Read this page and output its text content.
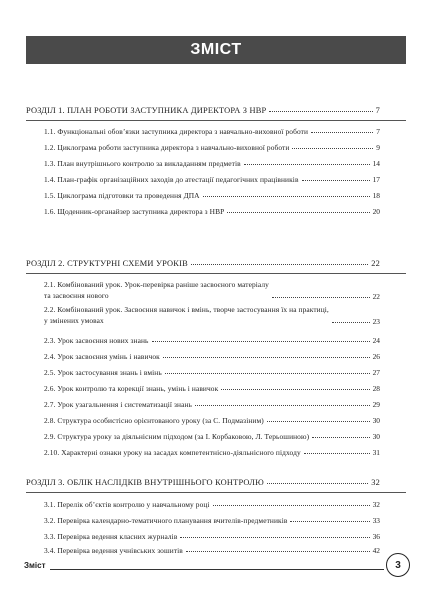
ЗМІСТ
РОЗДІЛ 1. ПЛАН РОБОТИ ЗАСТУПНИКА ДИРЕКТОРА З НВР	7
1.1. Функціональні обов’язки заступника директора з навчально-виховної роботи	7
1.2. Циклограма роботи заступника директора з навчально-виховної роботи	9
1.3. План внутрішнього контролю за викладанням предметів	14
1.4. План-графік організаційних заходів до атестації педагогічних працівників	17
1.5. Циклограма підготовки та проведення ДПА	18
1.6. Щоденник-органайзер заступника директора з НВР	20
РОЗДІЛ 2. СТРУКТУРНІ СХЕМИ УРОКІВ	22
2.1. Комбінований урок. Урок-перевірка раніше засвоєного матеріалу
та засвоєння нового	22
2.2. Комбінований урок. Засвоєння навичок і вмінь, творче застосування їх на практиці,
у змінених умовах	23
2.3. Урок засвоєння нових знань	24
2.4. Урок засвоєння умінь і навичок	26
2.5. Урок застосування знань і вмінь	27
2.6. Урок контролю та корекції знань, умінь і навичок	28
2.7. Урок узагальнення і систематизації знань	29
2.8. Структура особистісно орієнтованого уроку (за С. Подмазіним)	30
2.9. Структура уроку за діяльнісним підходом (за І. Корбаковою, Л. Терьошиною)	30
2.10. Характерні ознаки уроку на засадах компетентнісно-діяльнісного підходу	31
РОЗДІЛ 3. ОБЛІК НАСЛІДКІВ ВНУТРІШНЬОГО КОНТРОЛЮ	32
3.1. Перелік об’єктів контролю у навчальному році	32
3.2. Перевірка календарно-тематичного планування вчителів-предметників	33
3.3. Перевірка ведення класних журналів	36
3.4. Перевірка ведення учнівських зошитів	42
Зміст	3
